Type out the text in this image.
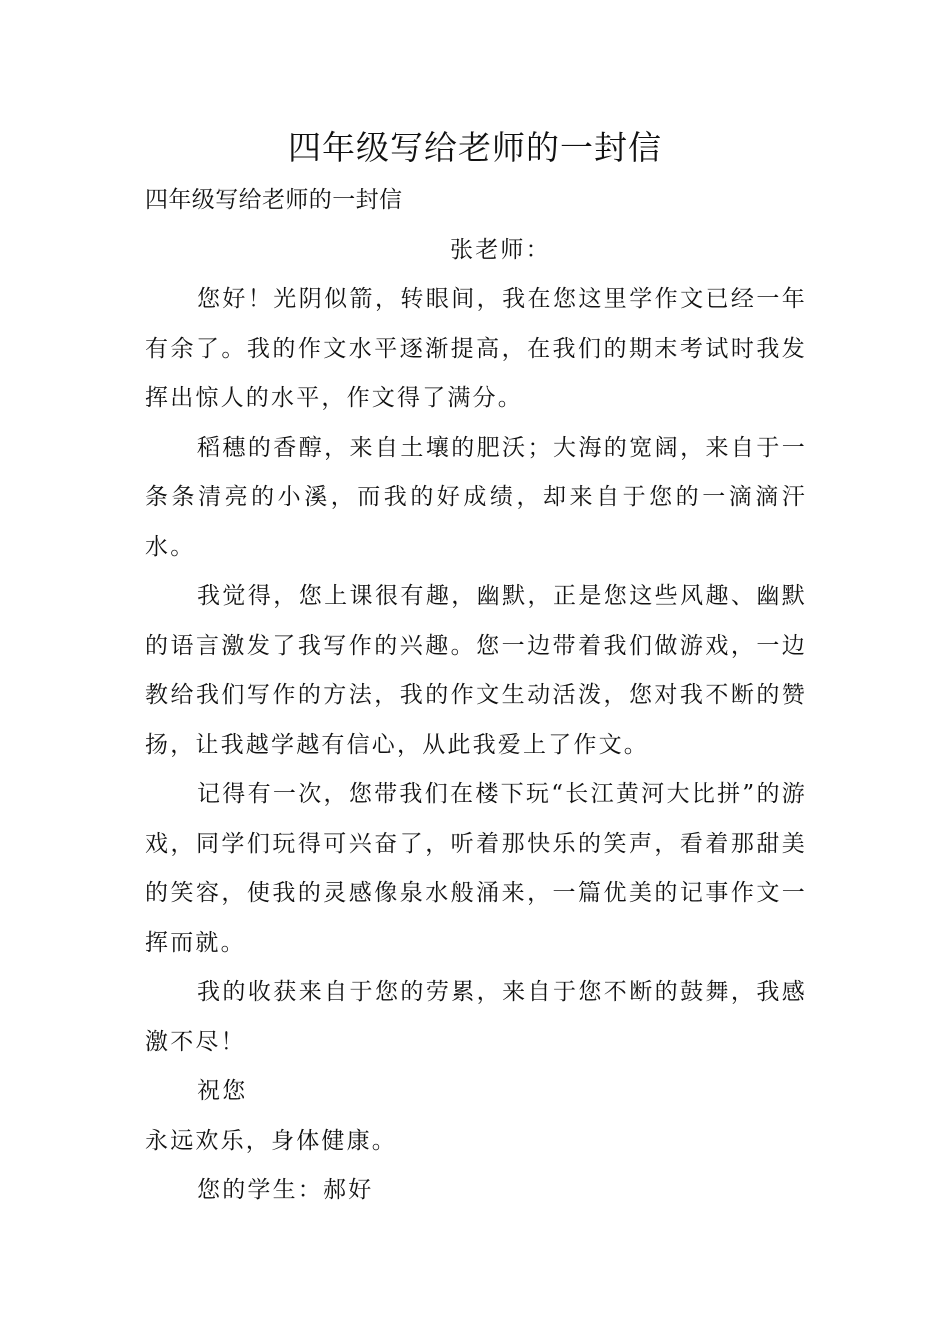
四年级写给老师的一封信

四年级写给老师的一封信

张老师：

您好！光阴似箭，转眼间，我在您这里学作文已经一年有余了。我的作文水平逐渐提高，在我们的期末考试时我发挥出惊人的水平，作文得了满分。

稻穗的香醇，来自土壤的肥沃；大海的宽阔，来自于一条条清亮的小溪，而我的好成绩，却来自于您的一滴滴汗水。

我觉得，您上课很有趣，幽默，正是您这些风趣、幽默的语言激发了我写作的兴趣。您一边带着我们做游戏，一边教给我们写作的方法，我的作文生动活泼，您对我不断的赞扬，让我越学越有信心，从此我爱上了作文。

记得有一次，您带我们在楼下玩“长江黄河大比拼”的游戏，同学们玩得可兴奋了，听着那快乐的笑声，看着那甜美的笑容，使我的灵感像泉水般涌来，一篇优美的记事作文一挥而就。

我的收获来自于您的劳累，来自于您不断的鼓舞，我感激不尽！

祝您

永远欢乐，身体健康。

您的学生：郝好
